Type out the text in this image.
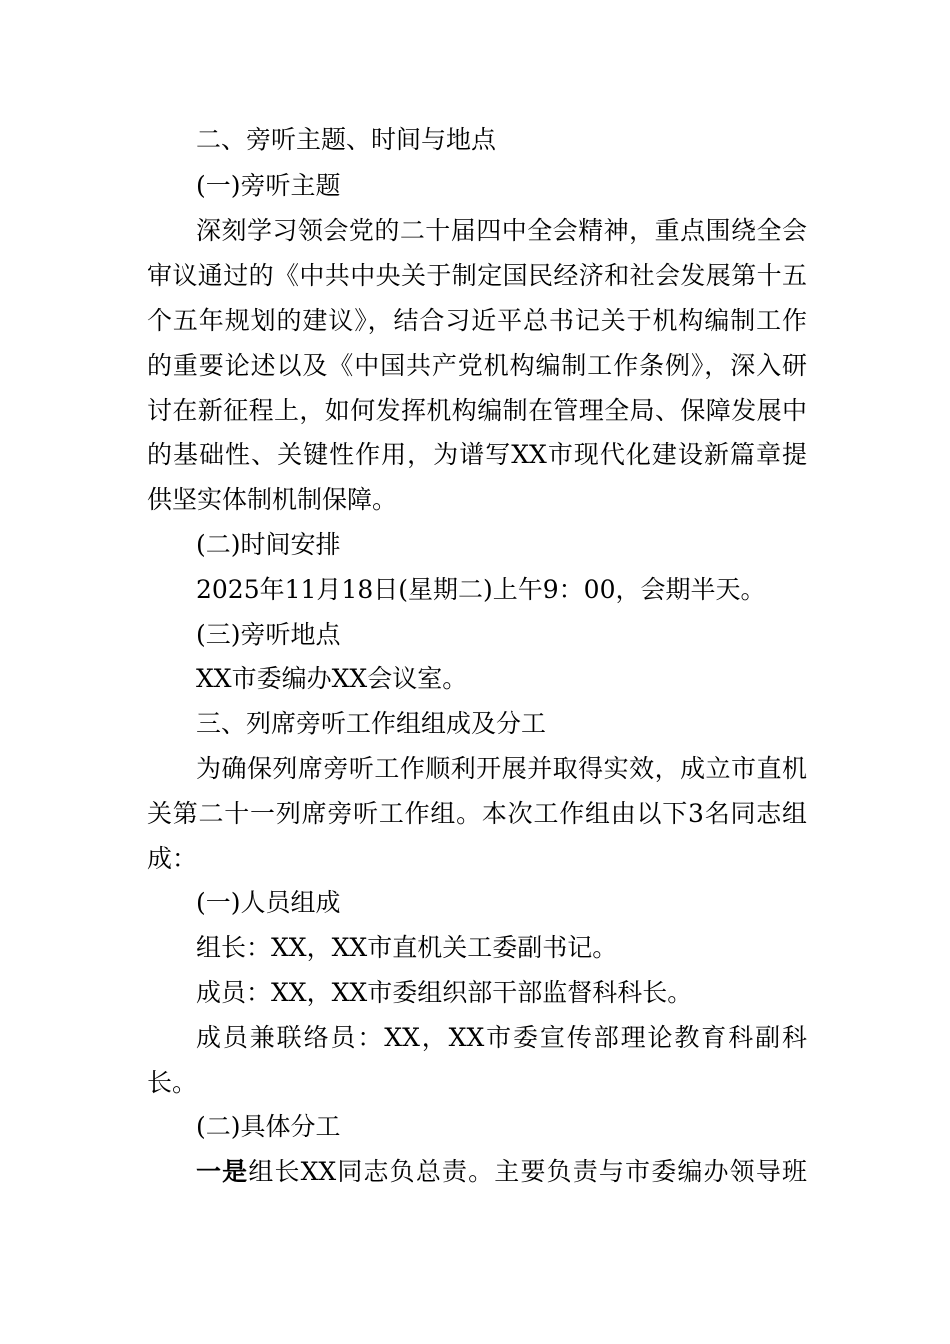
二、旁听主题、时间与地点
(一)旁听主题
深刻学习领会党的二十届四中全会精神，重点围绕全会
审议通过的《中共中央关于制定国民经济和社会发展第十五
个五年规划的建议》，结合习近平总书记关于机构编制工作
的重要论述以及《中国共产党机构编制工作条例》，深入研
讨在新征程上，如何发挥机构编制在管理全局、保障发展中
的基础性、关键性作用，为谱写XX市现代化建设新篇章提
供坚实体制机制保障。
(二)时间安排
2025年11月18日(星期二)上午9：00，会期半天。
(三)旁听地点
XX市委编办XX会议室。
三、列席旁听工作组组成及分工
为确保列席旁听工作顺利开展并取得实效，成立市直机
关第二十一列席旁听工作组。本次工作组由以下3名同志组
成：
(一)人员组成
组长：XX，XX市直机关工委副书记。
成员：XX，XX市委组织部干部监督科科长。
成员兼联络员：XX，XX市委宣传部理论教育科副科
长。
(二)具体分工
一是组长XX同志负总责。主要负责与市委编办领导班
